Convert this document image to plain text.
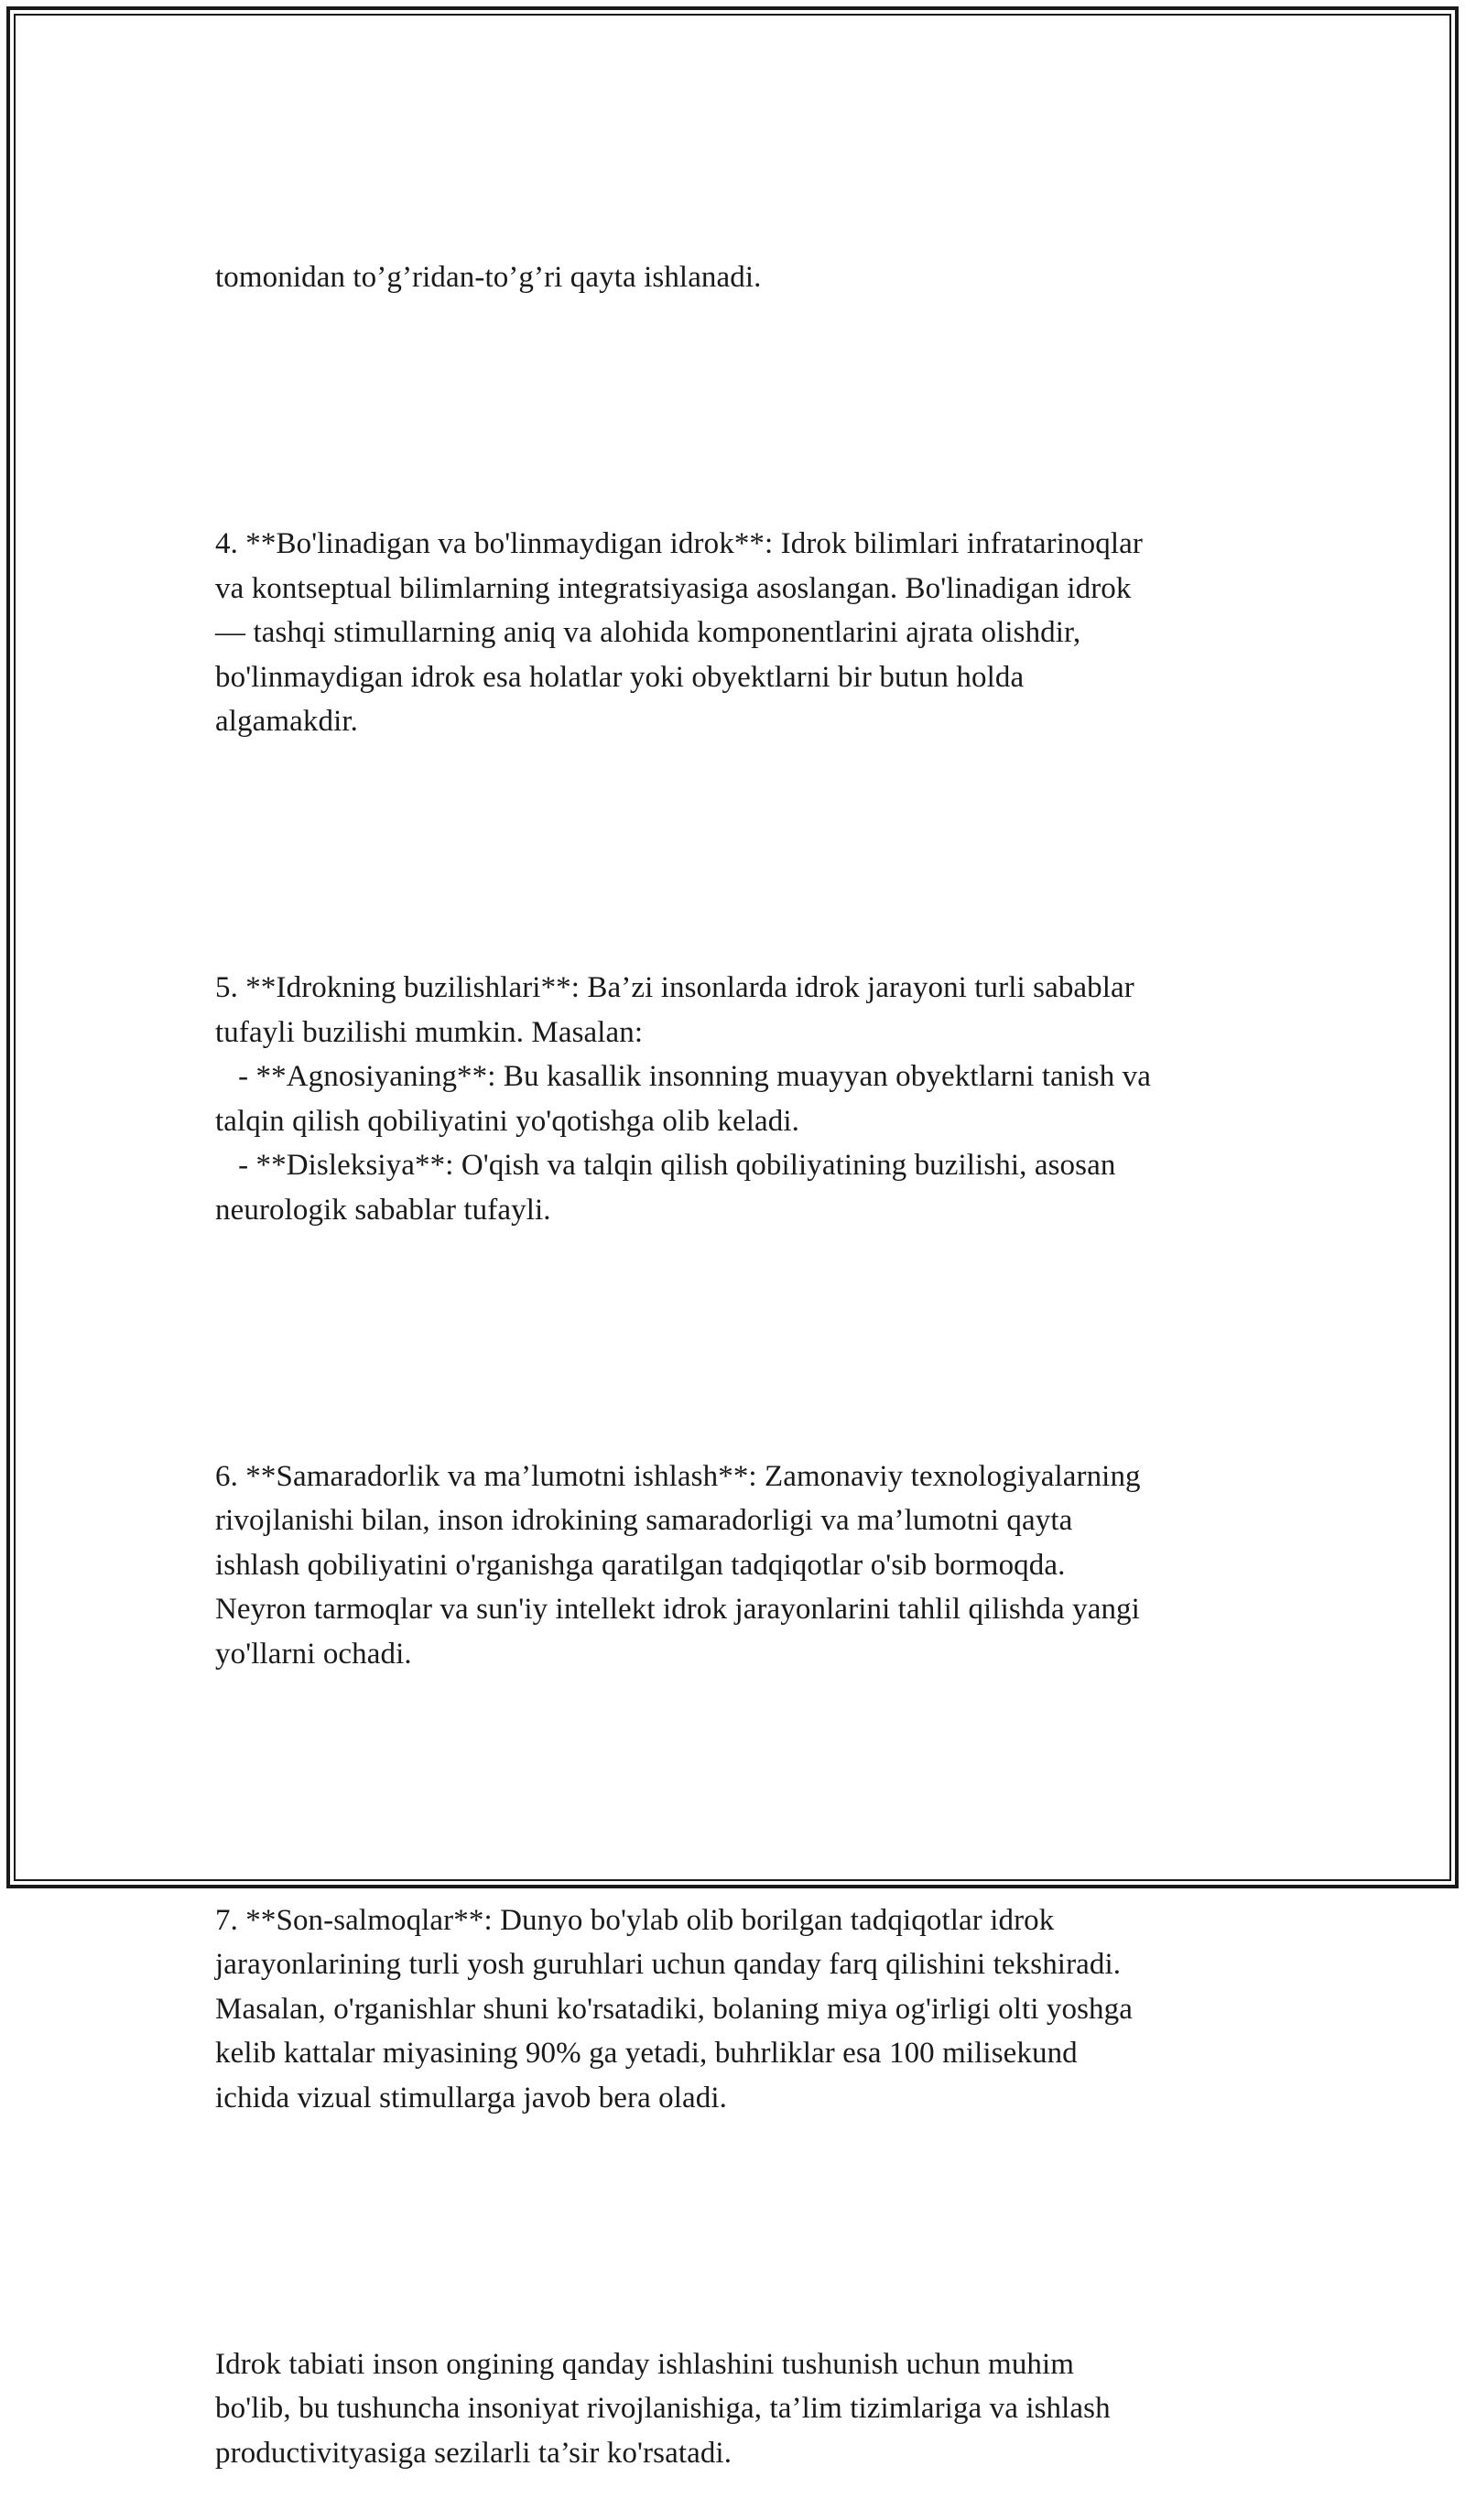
tomonidan to’g’ridan-to’g’ri qayta ishlanadi.

4. **Bo'linadigan va bo'linmaydigan idrok**: Idrok bilimlari infratarinoqlar
va kontseptual bilimlarning integratsiyasiga asoslangan. Bo'linadigan idrok
— tashqi stimullarning aniq va alohida komponentlarini ajrata olishdir,
bo'linmaydigan idrok esa holatlar yoki obyektlarni bir butun holda
algamakdir.

5. **Idrokning buzilishlari**: Ba’zi insonlarda idrok jarayoni turli sabablar
tufayli buzilishi mumkin. Masalan:
- **Agnosiyaning**: Bu kasallik insonning muayyan obyektlarni tanish va
talqin qilish qobiliyatini yo'qotishga olib keladi.
- **Disleksiya**: O'qish va talqin qilish qobiliyatining buzilishi, asosan
neurologik sabablar tufayli.

6. **Samaradorlik va ma’lumotni ishlash**: Zamonaviy texnologiyalarning
rivojlanishi bilan, inson idrokining samaradorligi va ma’lumotni qayta
ishlash qobiliyatini o'rganishga qaratilgan tadqiqotlar o'sib bormoqda.
Neyron tarmoqlar va sun'iy intellekt idrok jarayonlarini tahlil qilishda yangi
yo'llarni ochadi.

7. **Son-salmoqlar**: Dunyo bo'ylab olib borilgan tadqiqotlar idrok
jarayonlarining turli yosh guruhlari uchun qanday farq qilishini tekshiradi.
Masalan, o'rganishlar shuni ko'rsatadiki, bolaning miya og'irligi olti yoshga
kelib kattalar miyasining 90% ga yetadi, buhrliklar esa 100 milisekund
ichida vizual stimullarga javob bera oladi.

Idrok tabiati inson ongining qanday ishlashini tushunish uchun muhim
bo'lib, bu tushuncha insoniyat rivojlanishiga, ta’lim tizimlariga va ishlash
productivityasiga sezilarli ta’sir ko'rsatadi.
